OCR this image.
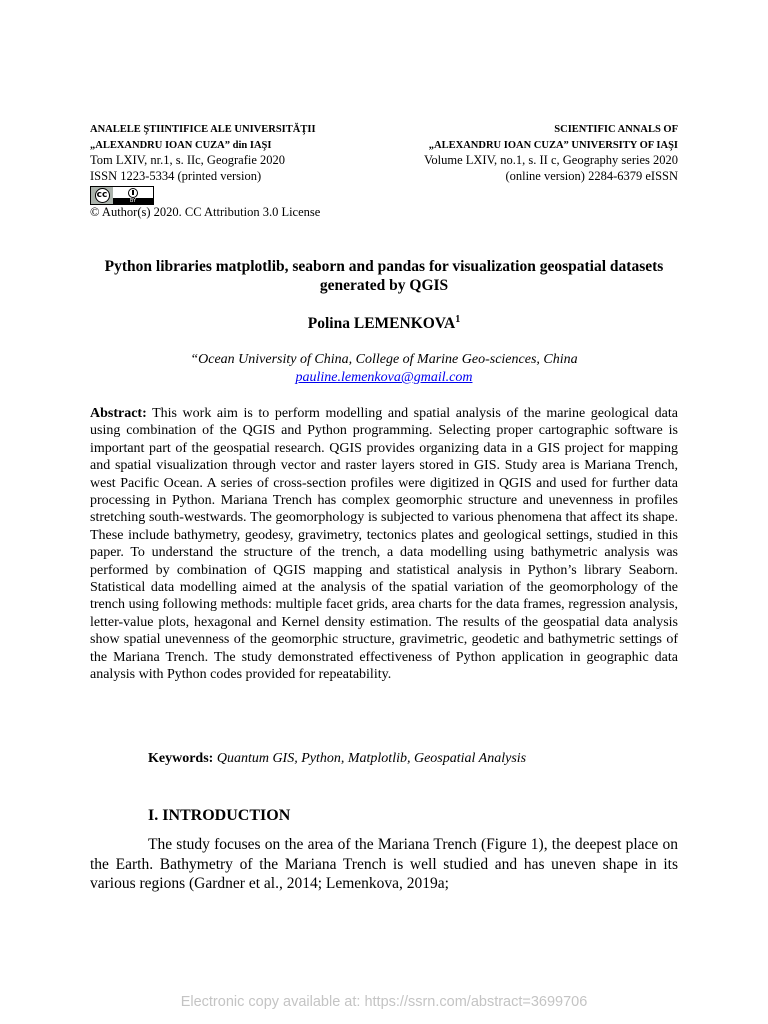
ANALELE ŞTIINTIFICE ALE UNIVERSITĂŢII
„ALEXANDRU IOAN CUZA” din IAŞI
Tom LXIV, nr.1, s. IIc, Geografie 2020
ISSN 1223-5334 (printed version)
cc
BY
© Author(s) 2020. CC Attribution 3.0 License
SCIENTIFIC ANNALS OF
„ALEXANDRU IOAN CUZA” UNIVERSITY OF IAŞI
Volume LXIV, no.1, s. II c, Geography series 2020
(online version) 2284-6379 eISSN
Python libraries matplotlib, seaborn and pandas for visualization geospatial datasets generated by QGIS
Polina LEMENKOVA$^1$
“Ocean University of China, College of Marine Geo-sciences, China
pauline.lemenkova@gmail.com

Abstract: This work aim is to perform modelling and spatial analysis of the marine geological data using combination of the QGIS and Python programming. Selecting proper cartographic software is important part of the geospatial research. QGIS provides organizing data in a GIS project for mapping and spatial visualization through vector and raster layers stored in GIS. Study area is Mariana Trench, west Pacific Ocean. A series of cross-section profiles were digitized in QGIS and used for further data processing in Python. Mariana Trench has complex geomorphic structure and unevenness in profiles stretching south-westwards. The geomorphology is subjected to various phenomena that affect its shape. These include bathymetry, geodesy, gravimetry, tectonics plates and geological settings, studied in this paper. To understand the structure of the trench, a data modelling using bathymetric analysis was performed by combination of QGIS mapping and statistical analysis in Python’s library Seaborn. Statistical data modelling aimed at the analysis of the spatial variation of the geomorphology of the trench using following methods: multiple facet grids, area charts for the data frames, regression analysis, letter-value plots, hexagonal and Kernel density estimation. The results of the geospatial data analysis show spatial unevenness of the geomorphic structure, gravimetric, geodetic and bathymetric settings of the Mariana Trench. The study demonstrated effectiveness of Python application in geographic data analysis with Python codes provided for repeatability.

Keywords: Quantum GIS, Python, Matplotlib, Geospatial Analysis
I. INTRODUCTION

The study focuses on the area of the Mariana Trench (Figure 1), the deepest place on the Earth. Bathymetry of the Mariana Trench is well studied and has uneven shape in its various regions (Gardner et al., 2014; Lemenkova, 2019a;

Electronic copy available at: https://ssrn.com/abstract=3699706
